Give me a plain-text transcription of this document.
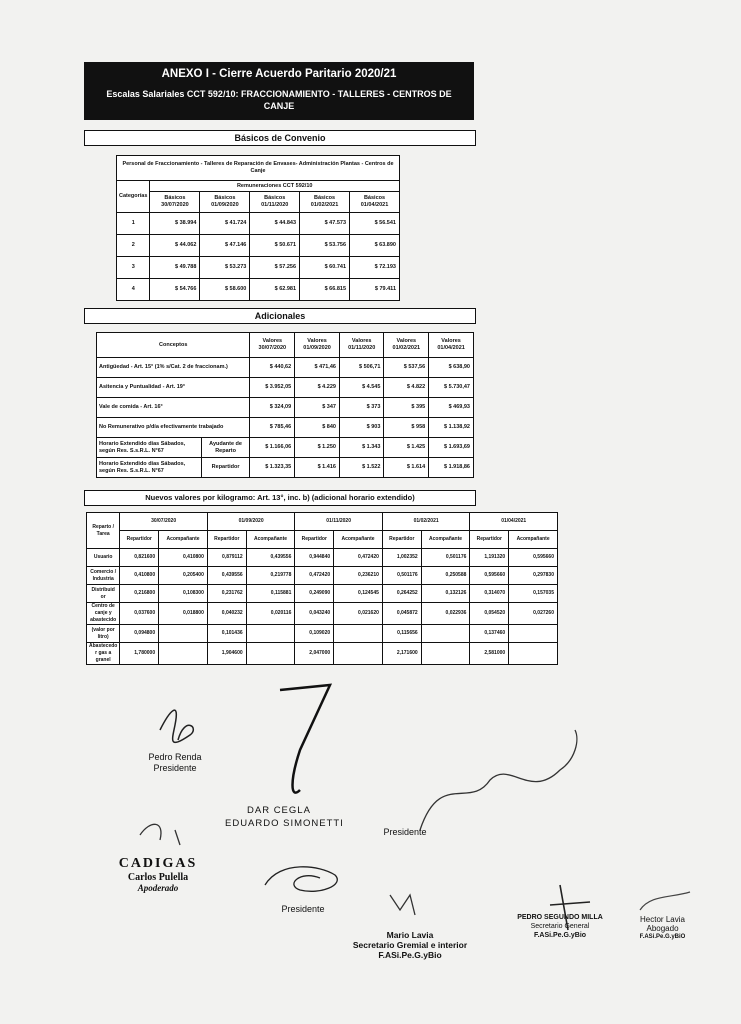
ANEXO I - Cierre Acuerdo Paritario 2020/21
Escalas Salariales CCT 592/10: FRACCIONAMIENTO - TALLERES - CENTROS DE CANJE
Básicos de Convenio
Personal de Fraccionamiento - Talleres de Reparación de Envases- Administración Plantas - Centros de Canje					
Categorías	Remuneraciones CCT 592/10				
	Básicos 30/07/2020	Básicos 01/09/2020	Básicos 01/11/2020	Básicos 01/02/2021	Básicos 01/04/2021
1	$ 38.994	$ 41.724	$ 44.843	$ 47.573	$ 56.541
2	$ 44.062	$ 47.146	$ 50.671	$ 53.756	$ 63.890
3	$ 49.788	$ 53.273	$ 57.256	$ 60.741	$ 72.193
4	$ 54.766	$ 58.600	$ 62.981	$ 66.815	$ 79.411
Adicionales
Conceptos		Valores 30/07/2020	Valores 01/09/2020	Valores 01/11/2020	Valores 01/02/2021	Valores 01/04/2021
Antigüedad - Art. 15° (1% s/Cat. 2 de fraccionam.)		$ 440,62	$ 471,46	$ 506,71	$ 537,56	$ 638,90
Asitencia y Puntualidad - Art. 19°		$ 3.952,05	$ 4.229	$ 4.545	$ 4.822	$ 5.730,47
Vale de comida - Art. 16°		$ 324,09	$ 347	$ 373	$ 395	$ 469,93
No Remunerativo p/día efectivamente trabajado		$ 785,46	$ 840	$ 903	$ 958	$ 1.138,92
Horario Extendido días Sábados, según Res. S.s.R.L. N°67	Ayudante de Reparto	$ 1.166,06	$ 1.250	$ 1.343	$ 1.425	$ 1.693,69
Horario Extendido días Sábados, según Res. S.s.R.L. N°67	Repartidor	$ 1.323,35	$ 1.416	$ 1.522	$ 1.614	$ 1.918,86
Nuevos valores por kilogramo: Art. 13°, inc. b) (adicional horario extendido)
Reparto / Tarea	30/07/2020		01/09/2020		01/11/2020		01/02/2021		01/04/2021	
	Repartidor	Acompañante	Repartidor	Acompañante	Repartidor	Acompañante	Repartidor	Acompañante	Repartidor	Acompañante
Usuario	0,821600	0,410800	0,879112	0,439556	0,944840	0,472420	1,002352	0,501176	1,191320	0,595660
Comercio / Industria	0,410800	0,205400	0,439556	0,219778	0,472420	0,236210	0,501176	0,250588	0,595660	0,297830
Distribuid or	0,216800	0,108300	0,231762	0,115881	0,249090	0,124545	0,264252	0,132126	0,314070	0,157035
Centro de canje y abastecido	0,037600	0,018800	0,040232	0,020116	0,043240	0,021620	0,045872	0,022936	0,054520	0,027260
(valor por litro)	0,094800		0,101436		0,109020		0,115656		0,137460	
Abastecedo r gas a granel	1,780000		1,904600		2,047000		2,171600		2,581000	
Pedro Renda
Presidente
DAR CEGLA
EDUARDO SIMONETTI
Presidente
CADIGAS
Carlos Pulella
Apoderado
Presidente
Mario Lavia
Secretario Gremial e interior
F.ASi.Pe.G.yBio
PEDRO SEGUNDO MILLA
Secretario General
F.ASi.Pe.G.yBio
Hector Lavia
Abogado
F.ASi.Pe.G.yBiO
